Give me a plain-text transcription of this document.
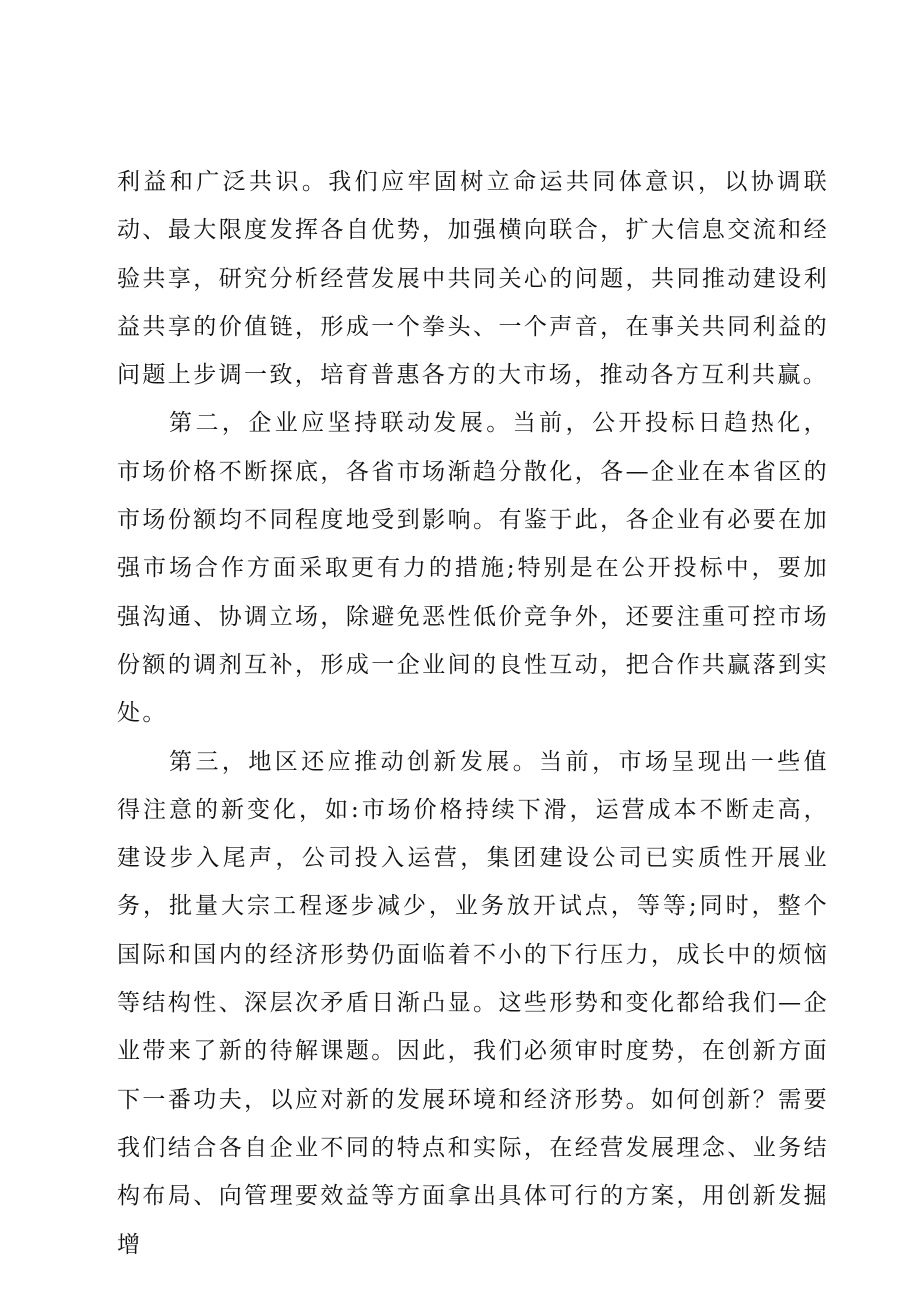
利益和广泛共识。我们应牢固树立命运共同体意识，以协调联动、最大限度发挥各自优势，加强横向联合，扩大信息交流和经验共享，研究分析经营发展中共同关心的问题，共同推动建设利益共享的价值链，形成一个拳头、一个声音，在事关共同利益的问题上步调一致，培育普惠各方的大市场，推动各方互利共赢。

第二，企业应坚持联动发展。当前，公开投标日趋热化，市场价格不断探底，各省市场渐趋分散化，各—企业在本省区的市场份额均不同程度地受到影响。有鉴于此，各企业有必要在加强市场合作方面采取更有力的措施;特别是在公开投标中，要加强沟通、协调立场，除避免恶性低价竞争外，还要注重可控市场份额的调剂互补，形成一企业间的良性互动，把合作共赢落到实处。

第三，地区还应推动创新发展。当前，市场呈现出一些值得注意的新变化，如:市场价格持续下滑，运营成本不断走高，建设步入尾声，公司投入运营，集团建设公司已实质性开展业务，批量大宗工程逐步减少，业务放开试点，等等;同时，整个国际和国内的经济形势仍面临着不小的下行压力，成长中的烦恼等结构性、深层次矛盾日渐凸显。这些形势和变化都给我们—企业带来了新的待解课题。因此，我们必须审时度势，在创新方面下一番功夫，以应对新的发展环境和经济形势。如何创新？需要我们结合各自企业不同的特点和实际，在经营发展理念、业务结构布局、向管理要效益等方面拿出具体可行的方案，用创新发掘增
